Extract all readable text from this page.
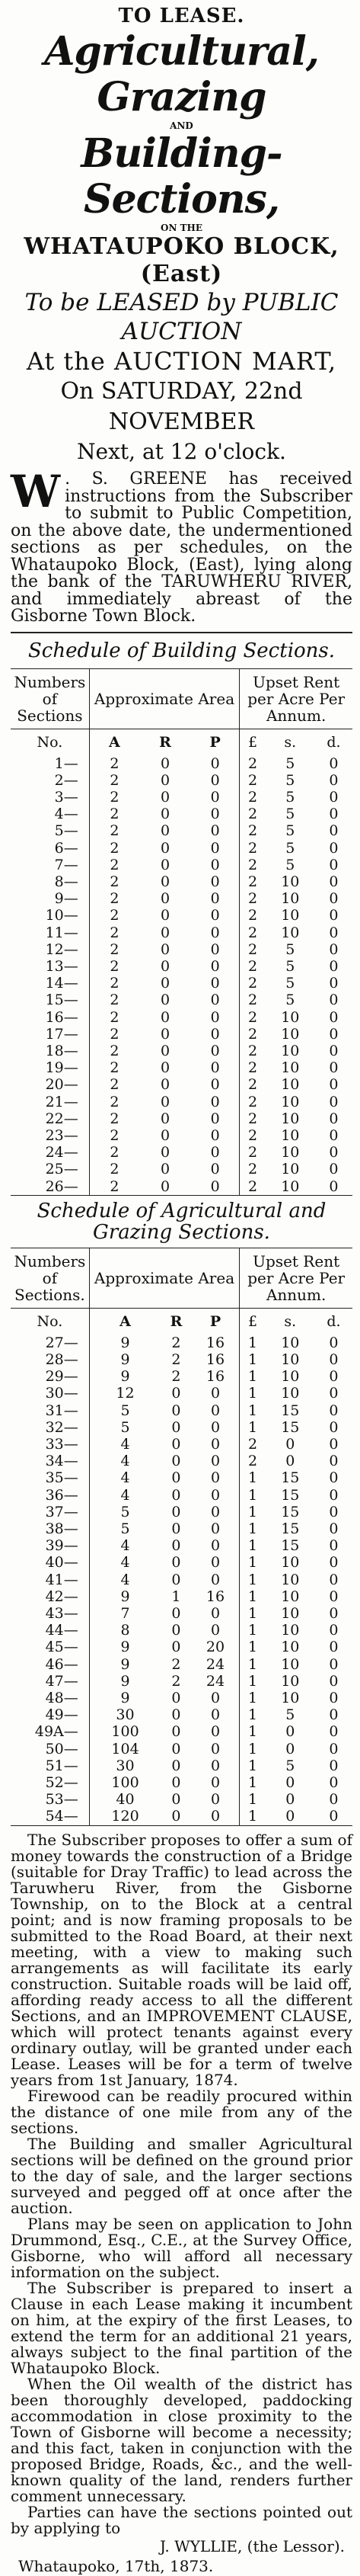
TO LEASE.
Agricultural, Grazing
AND
Building-Sections,
ON THE
WHATAUPOKO BLOCK, (East)
To be LEASED by PUBLIC AUCTION
At the AUCTION MART,
On SATURDAY, 22nd NOVEMBER
Next, at 12 o'clock.
W . S. GREENE has received instructions from the Subscriber to submit to Public Competition, on the above date, the undermentioned sections as per schedules, on the Whataupoko Block, (East), lying along the bank of the TARUWHERU RIVER, and immediately abreast of the Gisborne Town Block.

Schedule of Building Sections.
Numbers of Sections	Approximate Area			Upset Rent per Acre Per Annum.		
No.	A	R	P	£	s.	d.
1—	2	0	0	2	5	0
2—	2	0	0	2	5	0
3—	2	0	0	2	5	0
4—	2	0	0	2	5	0
5—	2	0	0	2	5	0
6—	2	0	0	2	5	0
7—	2	0	0	2	5	0
8—	2	0	0	2	10	0
9—	2	0	0	2	10	0
10—	2	0	0	2	10	0
11—	2	0	0	2	10	0
12—	2	0	0	2	5	0
13—	2	0	0	2	5	0
14—	2	0	0	2	5	0
15—	2	0	0	2	5	0
16—	2	0	0	2	10	0
17—	2	0	0	2	10	0
18—	2	0	0	2	10	0
19—	2	0	0	2	10	0
20—	2	0	0	2	10	0
21—	2	0	0	2	10	0
22—	2	0	0	2	10	0
23—	2	0	0	2	10	0
24—	2	0	0	2	10	0
25—	2	0	0	2	10	0
26—	2	0	0	2	10	0
Schedule of Agricultural and Grazing Sections.
Numbers of Sections.	Approximate Area			Upset Rent per Acre Per Annum.		
No.	A	R	P	£	s.	d.
27—	9	2	16	1	10	0
28—	9	2	16	1	10	0
29—	9	2	16	1	10	0
30—	12	0	0	1	10	0
31—	5	0	0	1	15	0
32—	5	0	0	1	15	0
33—	4	0	0	2	0	0
34—	4	0	0	2	0	0
35—	4	0	0	1	15	0
36—	4	0	0	1	15	0
37—	5	0	0	1	15	0
38—	5	0	0	1	15	0
39—	4	0	0	1	15	0
40—	4	0	0	1	10	0
41—	4	0	0	1	10	0
42—	9	1	16	1	10	0
43—	7	0	0	1	10	0
44—	8	0	0	1	10	0
45—	9	0	20	1	10	0
46—	9	2	24	1	10	0
47—	9	2	24	1	10	0
48—	9	0	0	1	10	0
49—	30	0	0	1	5	0
49A—	100	0	0	1	0	0
50—	104	0	0	1	0	0
51—	30	0	0	1	5	0
52—	100	0	0	1	0	0
53—	40	0	0	1	0	0
54—	120	0	0	1	0	0

The Subscriber proposes to offer a sum of money towards the construction of a Bridge (suitable for Dray Traffic) to lead across the Taruwheru River, from the Gisborne Township, on to the Block at a central point; and is now framing proposals to be submitted to the Road Board, at their next meeting, with a view to making such arrangements as will facilitate its early construction. Suitable roads will be laid off, affording ready access to all the different Sections, and an IMPROVEMENT CLAUSE, which will protect tenants against every ordinary outlay, will be granted under each Lease. Leases will be for a term of twelve years from 1st January, 1874.

Firewood can be readily procured within the distance of one mile from any of the sections.

The Building and smaller Agricultural sections will be defined on the ground prior to the day of sale, and the larger sections surveyed and pegged off at once after the auction.

Plans may be seen on application to John Drummond, Esq., C.E., at the Survey Office, Gisborne, who will afford all necessary information on the subject.

The Subscriber is prepared to insert a Clause in each Lease making it incumbent on him, at the expiry of the first Leases, to extend the term for an additional 21 years, always subject to the final partition of the Whataupoko Block.

When the Oil wealth of the district has been thoroughly developed, paddocking accommodation in close proximity to the Town of Gisborne will become a necessity; and this fact, taken in conjunction with the proposed Bridge, Roads, &c., and the well-known quality of the land, renders further comment unnecessary.

Parties can have the sections pointed out by applying to

J. WYLLIE, (the Lessor).
Whataupoko, 17th, 1873.
